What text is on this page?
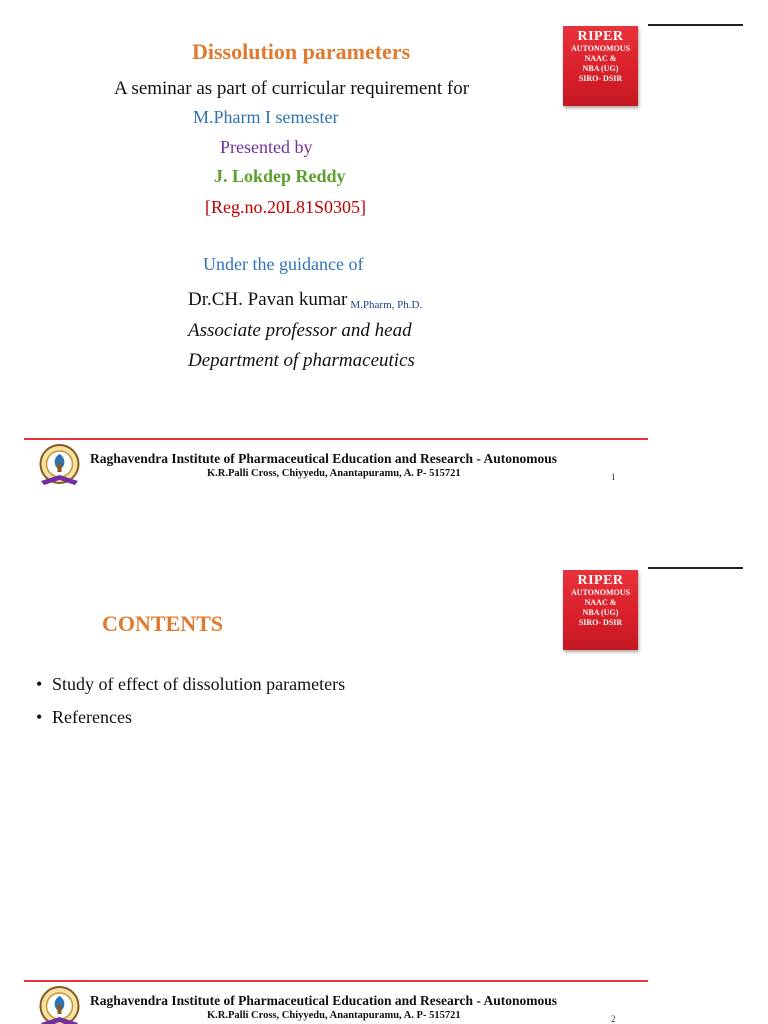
RIPER
AUTONOMOUS
NAAC &
NBA (UG)
SIRO- DSIR
Dissolution parameters
A seminar as part of curricular requirement for
M.Pharm I semester
Presented by
J. Lokdep Reddy
[Reg.no.20L81S0305]
Under the guidance of
Dr.CH. Pavan kumar M.Pharm, Ph.D.
Associate professor and head
Department of pharmaceutics
Raghavendra Institute of Pharmaceutical Education and Research - Autonomous
K.R.Palli Cross, Chiyyedu, Anantapuramu, A. P- 515721	1
RIPER
AUTONOMOUS
NAAC &
NBA (UG)
SIRO- DSIR
CONTENTS
• Study of effect of dissolution parameters
• References
Raghavendra Institute of Pharmaceutical Education and Research - Autonomous
K.R.Palli Cross, Chiyyedu, Anantapuramu, A. P- 515721	2
